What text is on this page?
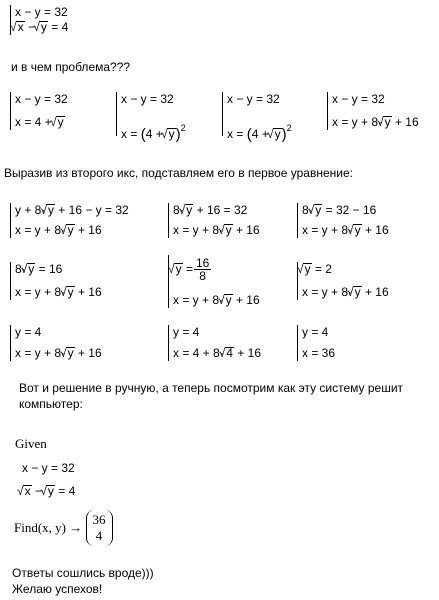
x − y = 32
√ x − √ y = 4
и в чем проблема???
x − y = 32
x = 4 + √ y
x − y = 32
x = (4 + √ y)$^2$
x − y = 32
x = (4 + √ y)$^2$
x − y = 32
x = y + 8· √ y + 16
Выразив из второго икс, подставляем его в первое уравнение:
y + 8· √ y + 16 − y = 32
x = y + 8· √ y + 16
8· √ y + 16 = 32
x = y + 8· √ y + 16
8· √ y = 32 − 16
x = y + 8· √ y + 16
8· √ y = 16
x = y + 8· √ y + 16
√ $y = \frac{16}{8}$
x = y + 8· √ y + 16
√ y = 2
x = y + 8· √ y + 16
y = 4
x = y + 8· √ y + 16
y = 4
x = 4 + 8· √ 4 + 16
y = 4
x = 36
Вот и решение в ручную, а теперь посмотрим как эту систему решит
компьютер:
Given
x − y = 32
√ x − √ y = 4
Find(x, y) →
36
4
Ответы сошлись вроде)))
Желаю успехов!
